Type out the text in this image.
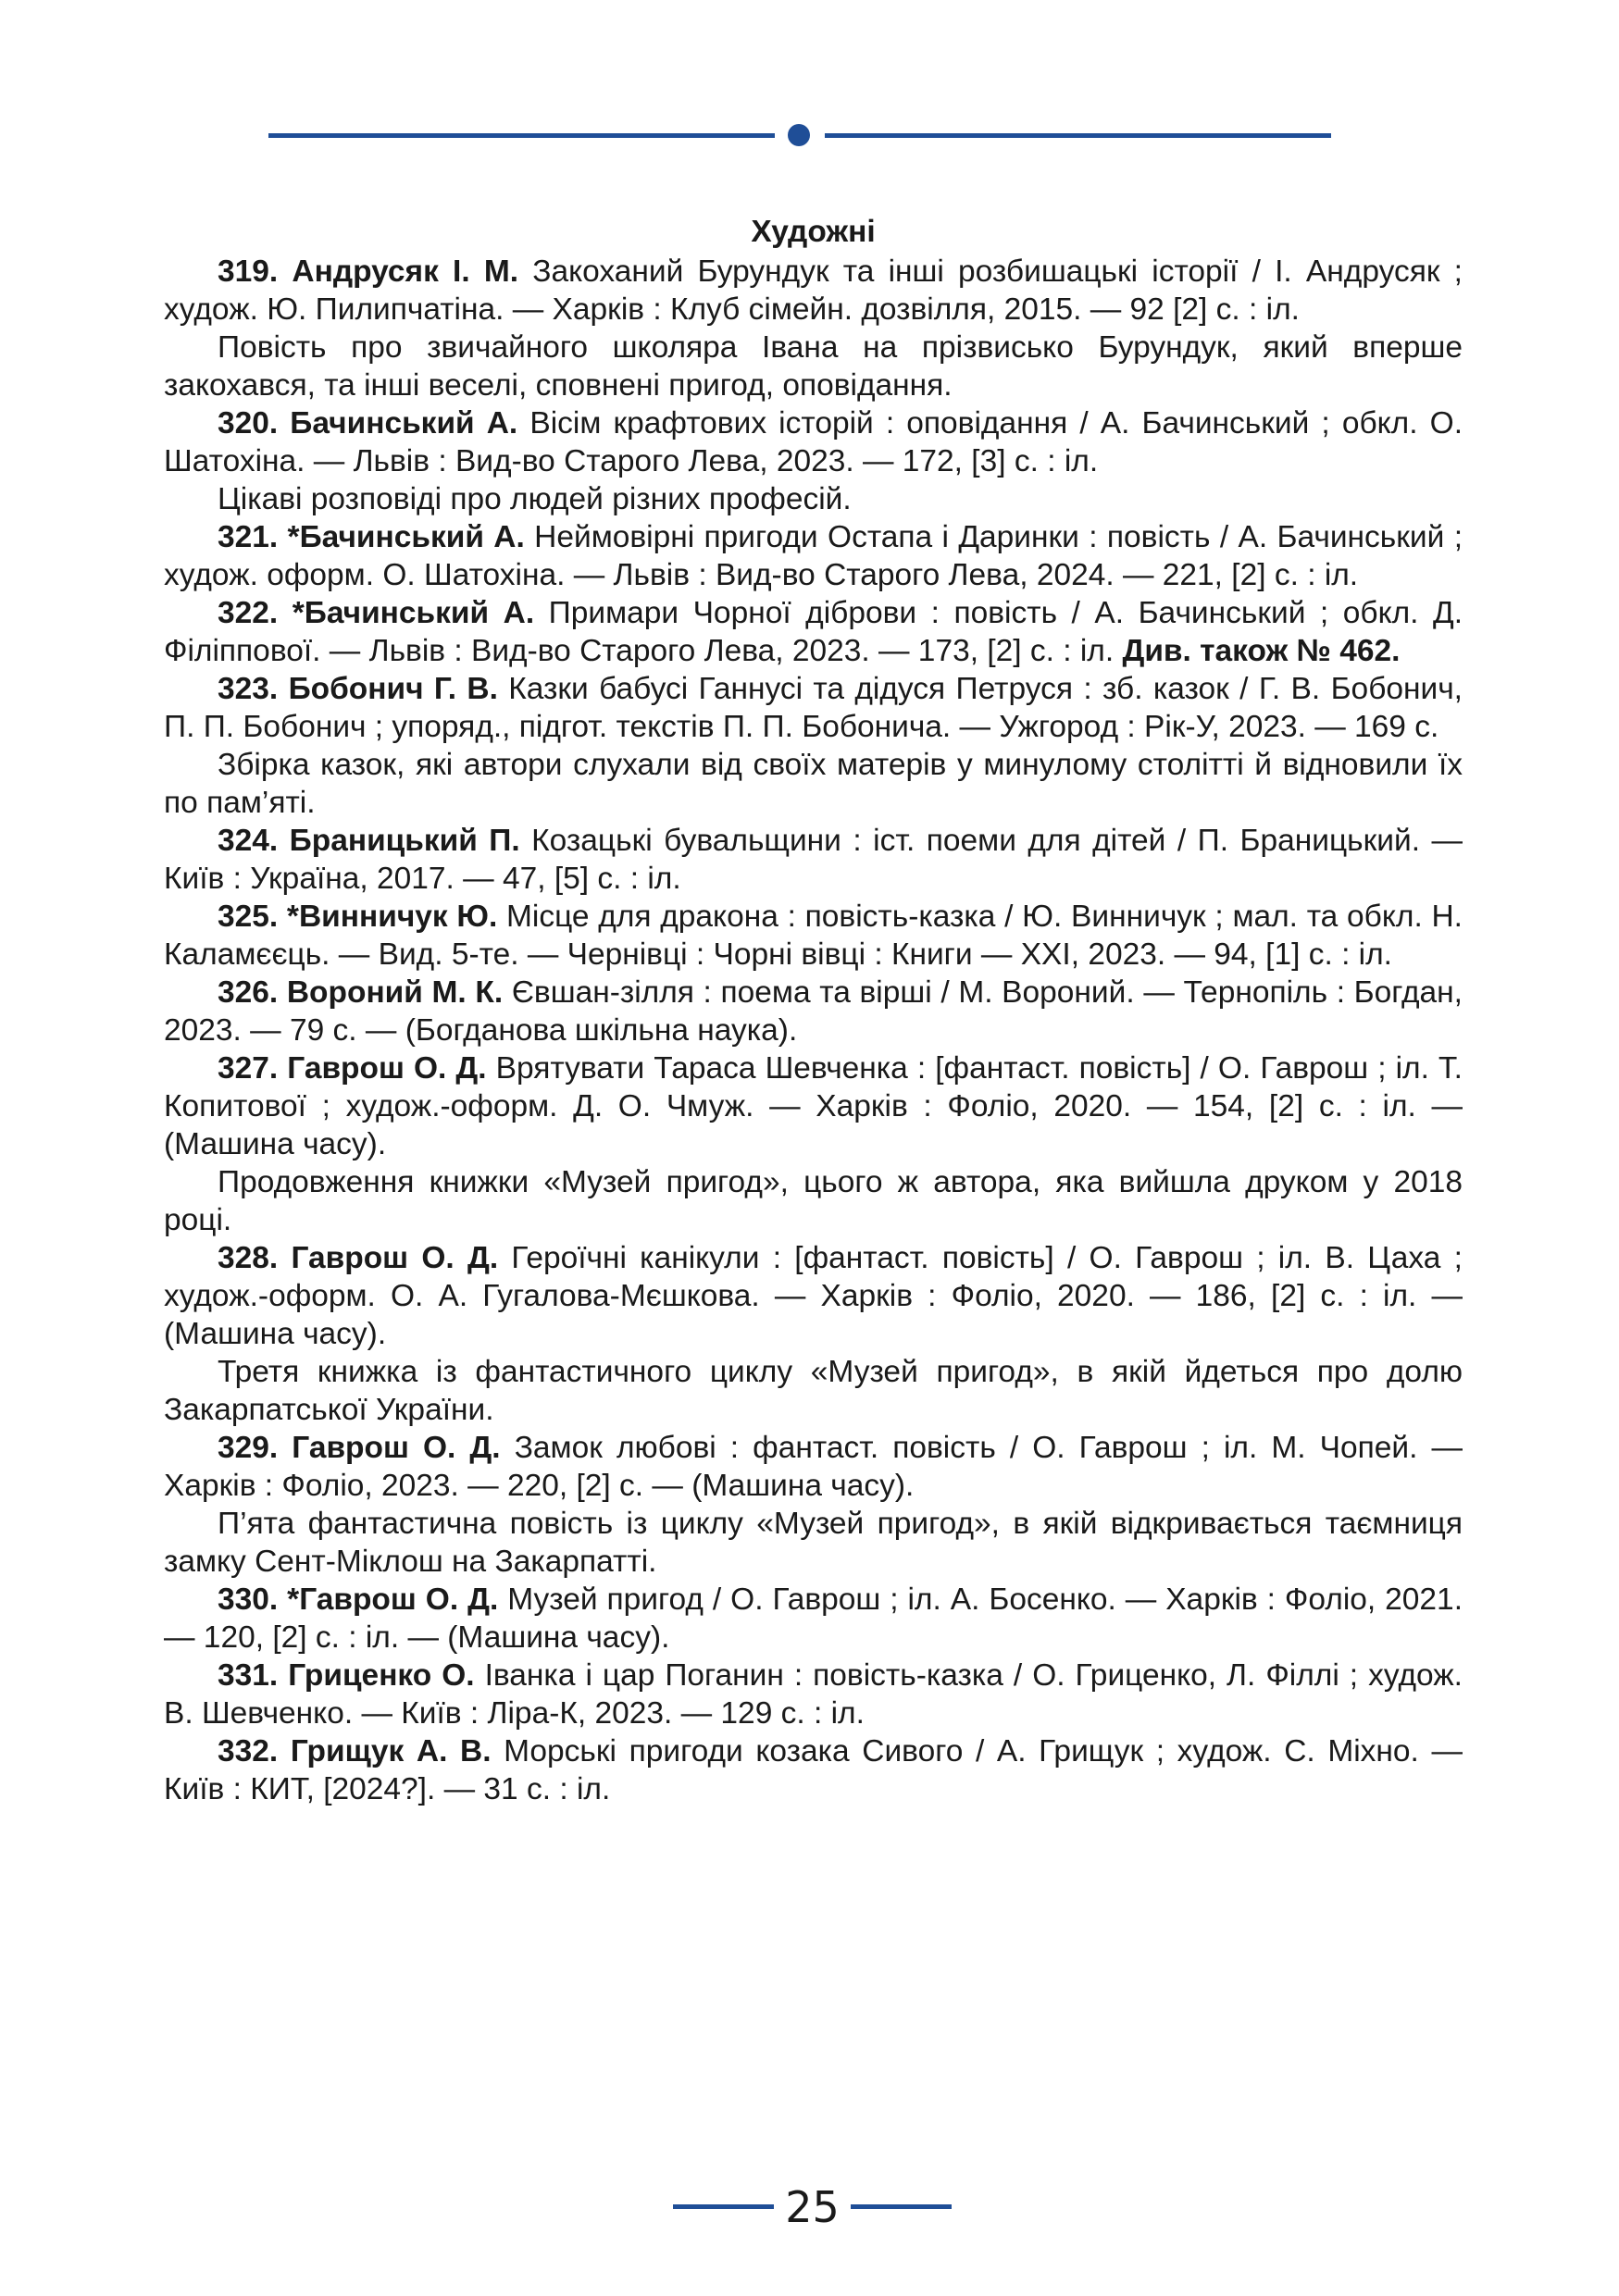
Художні

319. Андрусяк І. М. Закоханий Бурундук та інші розбишацькі історії / І. Андрусяк ; худож. Ю. Пилипчатіна. — Харків : Клуб сімейн. дозвілля, 2015. — 92 [2] с. : іл.

Повість про звичайного школяра Івана на прізвисько Бурундук, який вперше закохався, та інші веселі, сповнені пригод, оповідання.

320. Бачинський А. Вісім крафтових історій : оповідання / А. Бачинський ; обкл. О. Шатохіна. — Львів : Вид-во Старого Лева, 2023. — 172, [3] с. : іл.

Цікаві розповіді про людей різних професій.

321. *Бачинський А. Неймовірні пригоди Остапа і Даринки : повість / А. Бачинський ; худож. оформ. О. Шатохіна. — Львів : Вид-во Старого Лева, 2024. — 221, [2] с. : іл.

322. *Бачинський А. Примари Чорної діброви : повість / А. Бачинський ; обкл. Д. Філіппової. — Львів : Вид-во Старого Лева, 2023. — 173, [2] с. : іл. Див. також № 462.

323. Бобонич Г. В. Казки бабусі Ганнусі та дідуся Петруся : зб. казок / Г. В. Бобонич, П. П. Бобонич ; упоряд., підгот. текстів П. П. Бобонича. — Ужгород : Рік-У, 2023. — 169 с.

Збірка казок, які автори слухали від своїх матерів у минулому столітті й відновили їх по пам’яті.

324. Браницький П. Козацькі бувальщини : іст. поеми для дітей / П. Браницький. — Київ : Україна, 2017. — 47, [5] с. : іл.

325. *Винничук Ю. Місце для дракона : повість-казка / Ю. Винничук ; мал. та обкл. Н. Каламєєць. — Вид. 5-те. — Чернівці : Чорні вівці : Книги — XXI, 2023. — 94, [1] с. : іл.

326. Вороний М. К. Євшан-зілля : поема та вірші / М. Вороний. — Тернопіль : Богдан, 2023. — 79 с. — (Богданова шкільна наука).

327. Гаврош О. Д. Врятувати Тараса Шевченка : [фантаст. повість] / О. Гаврош ; іл. Т. Копитової ; худож.-оформ. Д. О. Чмуж. — Харків : Фоліо, 2020. — 154, [2] с. : іл. — (Машина часу).

Продовження книжки «Музей пригод», цього ж автора, яка вийшла друком у 2018 році.

328. Гаврош О. Д. Героїчні канікули : [фантаст. повість] / О. Гаврош ; іл. В. Цаха ; худож.-оформ. О. А. Гугалова-Мєшкова. — Харків : Фоліо, 2020. — 186, [2] с. : іл. — (Машина часу).

Третя книжка із фантастичного циклу «Музей пригод», в якій йдеться про долю Закарпатської України.

329. Гаврош О. Д. Замок любові : фантаст. повість / О. Гаврош ; іл. М. Чопей. — Харків : Фоліо, 2023. — 220, [2] с. — (Машина часу).

П’ята фантастична повість із циклу «Музей пригод», в якій відкривається таємниця замку Сент-Міклош на Закарпатті.

330. *Гаврош О. Д. Музей пригод / О. Гаврош ; іл. А. Босенко. — Харків : Фоліо, 2021. — 120, [2] с. : іл. — (Машина часу).

331. Гриценко О. Іванка і цар Поганин : повість-казка / О. Гриценко, Л. Філлі ; худож. В. Шевченко. — Київ : Ліра-К, 2023. — 129 с. : іл.

332. Грищук А. В. Морські пригоди козака Сивого / А. Грищук ; худож. С. Міхно. — Київ : КИТ, [2024?]. — 31 с. : іл.

25
